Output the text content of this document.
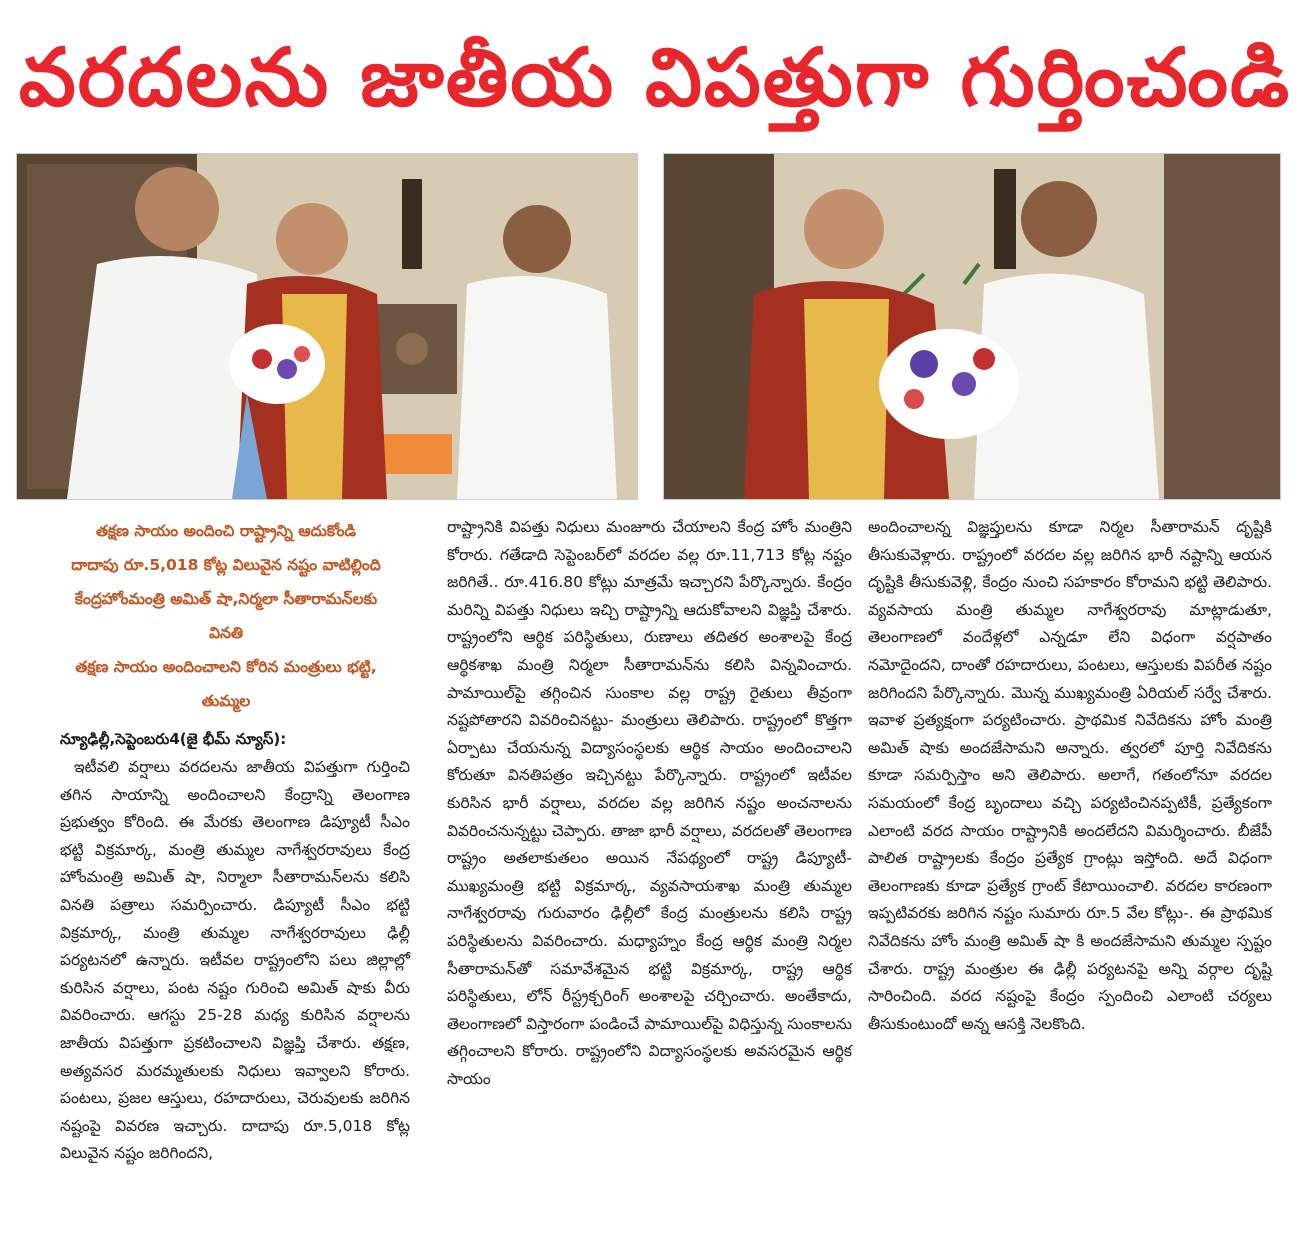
వరదలను జాతీయ విపత్తుగా గుర్తించండి

తక్షణ సాయం అందించి రాష్ట్రాన్ని ఆదుకోండి

దాదాపు రూ.5,018 కోట్ల విలువైన నష్టం వాటిల్లింది

కేంద్రహోంమంత్రి అమిత్ షా,నిర్మలా సీతారామన్‌లకు

వినతి

తక్షణ సాయం అందించాలని కోరిన మంత్రులు భట్టి,

తుమ్మల

న్యూఢిల్లీ,సెప్టెంబరు4(జై భీమ్ న్యూస్):

ఇటీవలి వర్షాలు వరదలను జాతీయ విపత్తుగా గుర్తించి తగిన సాయాన్ని అందించాలని కేంద్రాన్ని తెలంగాణ ప్రభుత్వం కోరింది. ఈ మేరకు తెలంగాణ డిప్యూటీ సీఎం భట్టి విక్రమార్క, మంత్రి తుమ్మల నాగేశ్వరరావులు కేంద్ర హోంమంత్రి అమిత్ షా, నిర్మాలా సీతారామన్‌లను కలిసి వినతి పత్రాలు సమర్పించారు. డిప్యూటీ సీఎం భట్టి విక్రమార్క, మంత్రి తుమ్మల నాగేశ్వరరావులు ఢిల్లీ పర్యటనలో ఉన్నారు. ఇటీవల రాష్ట్రంలోని పలు జిల్లాల్లో కురిసిన వర్షాలు, పంట నష్టం గురించి అమిత్ షాకు వీరు వివరించారు. ఆగస్టు 25-28 మధ్య కురిసిన వర్షాలను జాతీయ విపత్తుగా ప్రకటించాలని విజ్ఞప్తి చేశారు. తక్షణ, అత్యవసర మరమ్మతులకు నిధులు ఇవ్వాలని కోరారు. పంటలు, ప్రజల ఆస్తులు, రహదారులు, చెరువులకు జరిగిన నష్టంపై వివరణ ఇచ్చారు. దాదాపు రూ.5,018 కోట్ల విలువైన నష్టం జరిగిందని,

రాష్ట్రానికి విపత్తు నిధులు మంజూరు చేయాలని కేంద్ర హోం మంత్రిని కోరారు. గతేడాది సెప్టెంబర్‌లో వరదల వల్ల రూ.11,713 కోట్ల నష్టం జరిగితే.. రూ.416.80 కోట్లు మాత్రమే ఇచ్చారని పేర్కొన్నారు. కేంద్రం మరిన్ని విపత్తు నిధులు ఇచ్చి రాష్ట్రాన్ని ఆదుకోవాలని విజ్ఞప్తి చేశారు. రాష్ట్రంలోని ఆర్థిక పరిస్థితులు, రుణాలు తదితర అంశాలపై కేంద్ర ఆర్థికశాఖ మంత్రి నిర్మలా సీతారామన్‌ను కలిసి విన్నవించారు. పామాయిల్‌పై తగ్గించిన సుంకాల వల్ల రాష్ట్ర రైతులు తీవ్రంగా నష్టపోతారని వివరించినట్టు- మంత్రులు తెలిపారు. రాష్ట్రంలో కొత్తగా ఏర్పాటు చేయనున్న విద్యాసంస్థలకు ఆర్థిక సాయం అందించాలని కోరుతూ వినతిపత్రం ఇచ్చినట్టు పేర్కొన్నారు. రాష్ట్రంలో ఇటీవల కురిసిన భారీ వర్షాలు, వరదల వల్ల జరిగిన నష్టం అంచనాలను వివరించనున్నట్టు చెప్పారు. తాజా భారీ వర్షాలు, వరదలతో తెలంగాణ రాష్ట్రం అతలాకుతలం అయిన నేపథ్యంలో రాష్ట్ర డిప్యూటీ- ముఖ్యమంత్రి భట్టి విక్రమార్క, వ్యవసాయశాఖ మంత్రి తుమ్మల నాగేశ్వరరావు గురువారం ఢిల్లీలో కేంద్ర మంత్రులను కలిసి రాష్ట్ర పరిస్థితులను వివరించారు. మధ్యాహ్నం కేంద్ర ఆర్థిక మంత్రి నిర్మల సీతారామన్‌తో సమావేశమైన భట్టి విక్రమార్క, రాష్ట్ర ఆర్థిక పరిస్థితులు, లోన్ రీస్ట్రక్చరింగ్ అంశాలపై చర్చించారు. అంతేకాదు, తెలంగాణలో విస్తారంగా పండించే పామాయిల్‌పై విధిస్తున్న సుంకాలను తగ్గించాలని కోరారు. రాష్ట్రంలోని విద్యాసంస్థలకు అవసరమైన ఆర్థిక సాయం

అందించాలన్న విజ్ఞప్తులను కూడా నిర్మల సీతారామన్ దృష్టికి తీసుకువెళ్లారు. రాష్ట్రంలో వరదల వల్ల జరిగిన భారీ నష్టాన్ని ఆయన దృష్టికి తీసుకువెళ్లి, కేంద్రం నుంచి సహకారం కోరామని భట్టి తెలిపారు. వ్యవసాయ మంత్రి తుమ్మల నాగేశ్వరరావు మాట్లాడుతూ, తెలంగాణలో వందేళ్లలో ఎన్నడూ లేని విధంగా వర్షపాతం నమోదైందని, దాంతో రహదారులు, పంటలు, ఆస్తులకు విపరీత నష్టం జరిగిందని పేర్కొన్నారు. మొన్న ముఖ్యమంత్రి ఏరియల్ సర్వే చేశారు. ఇవాళ ప్రత్యక్షంగా పర్యటించారు. ప్రాథమిక నివేదికను హోం మంత్రి అమిత్ షాకు అందజేసామని అన్నారు. త్వరలో పూర్తి నివేదికను కూడా సమర్పిస్తాం అని తెలిపారు. అలాగే, గతంలోనూ వరదల సమయంలో కేంద్ర బృందాలు వచ్చి పర్యటించినప్పటికీ, ప్రత్యేకంగా ఎలాంటి వరద సాయం రాష్ట్రానికి అందలేదని విమర్శించారు. బీజేపీ పాలిత రాష్ట్రాలకు కేంద్రం ప్రత్యేక గ్రాంట్లు ఇస్తోంది. అదే విధంగా తెలంగాణకు కూడా ప్రత్యేక గ్రాంట్ కేటాయించాలి. వరదల కారణంగా ఇప్పటివరకు జరిగిన నష్టం సుమారు రూ.5 వేల కోట్లు-. ఈ ప్రాథమిక నివేదికను హోం మంత్రి అమిత్ షా కి అందజేసామని తుమ్మల స్పష్టం చేశారు. రాష్ట్ర మంత్రుల ఈ ఢిల్లీ పర్యటనపై అన్ని వర్గాల దృష్టి సారించింది. వరద నష్టంపై కేంద్రం స్పందించి ఎలాంటి చర్యలు తీసుకుంటుందో అన్న ఆసక్తి నెలకొంది.
